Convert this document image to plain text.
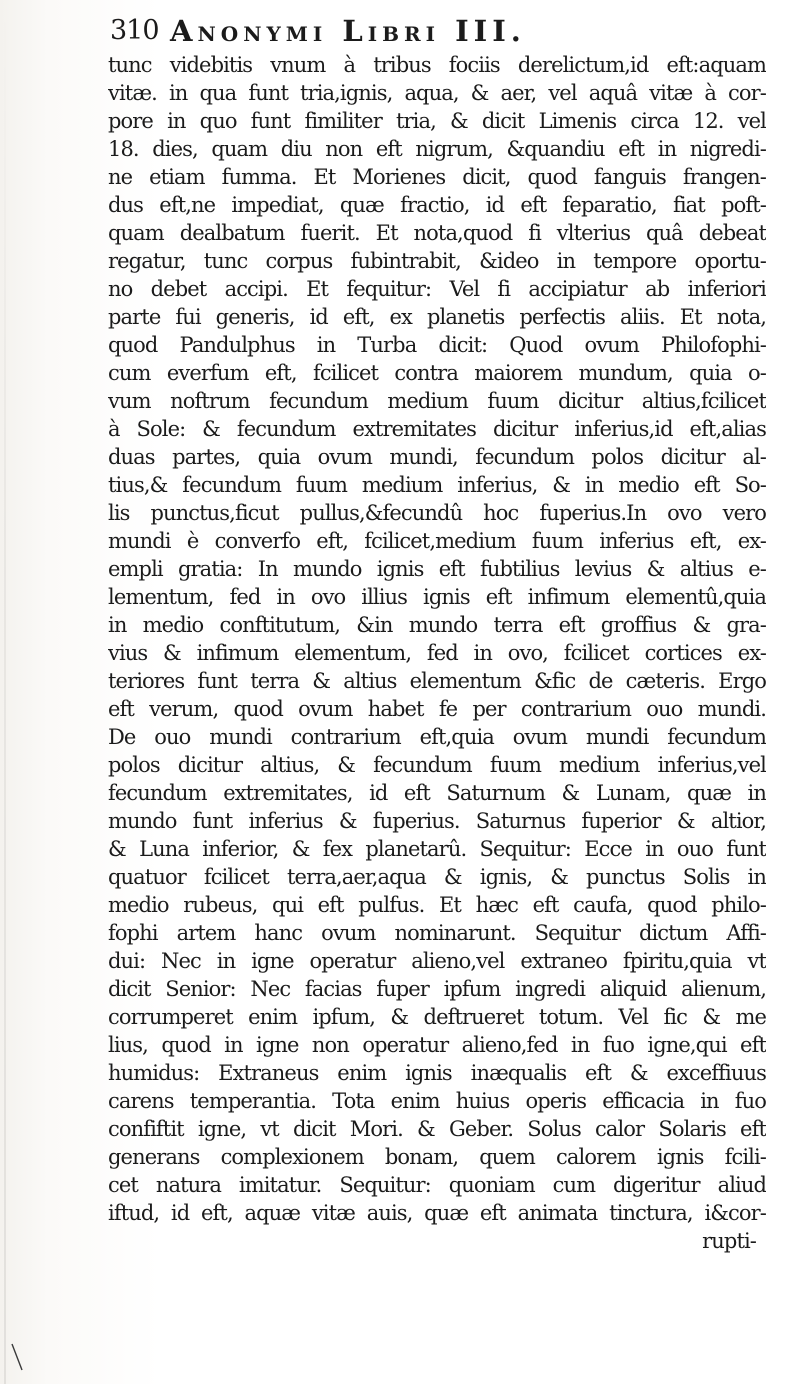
310 Anonymi Libri III.
tunc videbitis vnum à tribus fociis derelictum,id eft:aquam
vitæ. in qua funt tria,ignis, aqua, & aer, vel aquâ vitæ à cor-
pore in quo funt fimiliter tria, & dicit Limenis circa 12. vel
18. dies, quam diu non eft nigrum, &quandiu eft in nigredi-
ne etiam fumma. Et Morienes dicit, quod fanguis frangen-
dus eft,ne impediat, quæ fractio, id eft feparatio, fiat poft-
quam dealbatum fuerit. Et nota,quod fi vlterius quâ debeat
regatur, tunc corpus fubintrabit, &ideo in tempore oportu-
no debet accipi. Et fequitur: Vel fi accipiatur ab inferiori
parte fui generis, id eft, ex planetis perfectis aliis. Et nota,
quod Pandulphus in Turba dicit: Quod ovum Philofophi-
cum everfum eft, fcilicet contra maiorem mundum, quia o-
vum noftrum fecundum medium fuum dicitur altius,fcilicet
à Sole: & fecundum extremitates dicitur inferius,id eft,alias
duas partes, quia ovum mundi, fecundum polos dicitur al-
tius,& fecundum fuum medium inferius, & in medio eft So-
lis punctus,ficut pullus,&fecundû hoc fuperius.In ovo vero
mundi è converfo eft, fcilicet,medium fuum inferius eft, ex-
empli gratia: In mundo ignis eft fubtilius levius & altius e-
lementum, fed in ovo illius ignis eft infimum elementû,quia
in medio conftitutum, &in mundo terra eft groffius & gra-
vius & infimum elementum, fed in ovo, fcilicet cortices ex-
teriores funt terra & altius elementum &fic de cæteris. Ergo
eft verum, quod ovum habet fe per contrarium ouo mundi.
De ouo mundi contrarium eft,quia ovum mundi fecundum
polos dicitur altius, & fecundum fuum medium inferius,vel
fecundum extremitates, id eft Saturnum & Lunam, quæ in
mundo funt inferius & fuperius. Saturnus fuperior & altior,
& Luna inferior, & fex planetarû. Sequitur: Ecce in ouo funt
quatuor fcilicet terra,aer,aqua & ignis, & punctus Solis in
medio rubeus, qui eft pulfus. Et hæc eft caufa, quod philo-
fophi artem hanc ovum nominarunt. Sequitur dictum Affi-
dui: Nec in igne operatur alieno,vel extraneo fpiritu,quia vt
dicit Senior: Nec facias fuper ipfum ingredi aliquid alienum,
corrumperet enim ipfum, & deftrueret totum. Vel fic & me
lius, quod in igne non operatur alieno,fed in fuo igne,qui eft
humidus: Extraneus enim ignis inæqualis eft & exceffiuus
carens temperantia. Tota enim huius operis efficacia in fuo
confiftit igne, vt dicit Mori. & Geber. Solus calor Solaris eft
generans complexionem bonam, quem calorem ignis fcili-
cet natura imitatur. Sequitur: quoniam cum digeritur aliud
iftud, id eft, aquæ vitæ auis, quæ eft animata tinctura, i&cor-
rupti-
